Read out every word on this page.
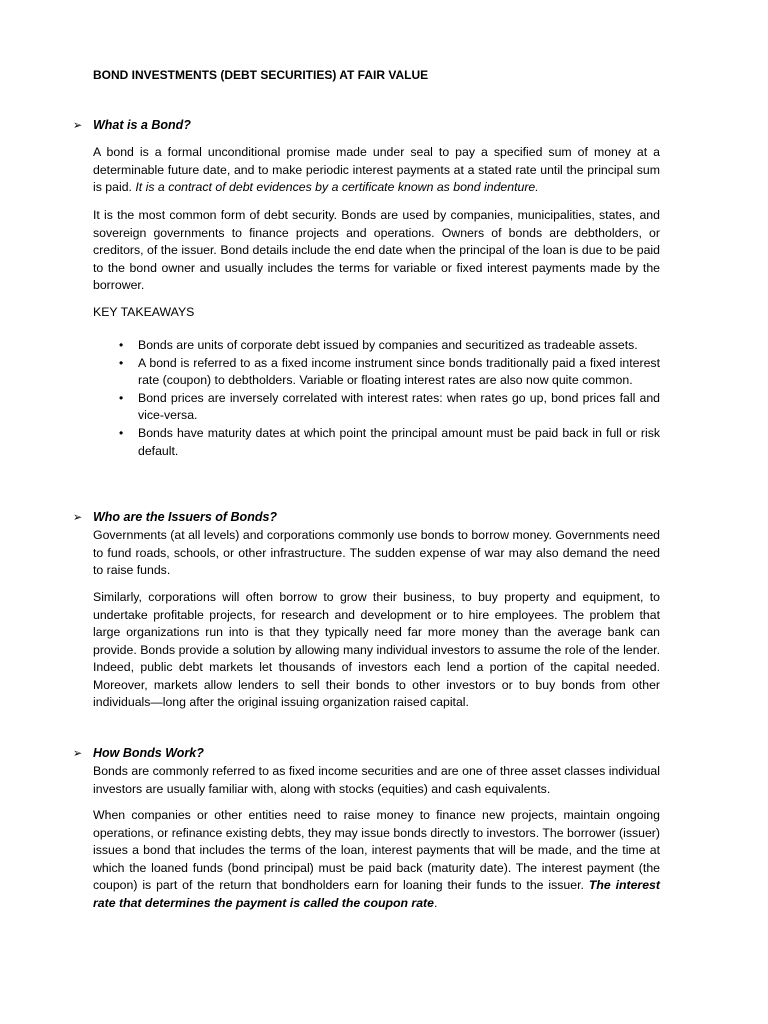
BOND INVESTMENTS (DEBT SECURITIES) AT FAIR VALUE
➢ What is a Bond?

A bond is a formal unconditional promise made under seal to pay a specified sum of money at a determinable future date, and to make periodic interest payments at a stated rate until the principal sum is paid. It is a contract of debt evidences by a certificate known as bond indenture.

It is the most common form of debt security. Bonds are used by companies, municipalities, states, and sovereign governments to finance projects and operations. Owners of bonds are debtholders, or creditors, of the issuer. Bond details include the end date when the principal of the loan is due to be paid to the bond owner and usually includes the terms for variable or fixed interest payments made by the borrower.

KEY TAKEAWAYS
• Bonds are units of corporate debt issued by companies and securitized as tradeable assets.
• A bond is referred to as a fixed income instrument since bonds traditionally paid a fixed interest rate (coupon) to debtholders. Variable or floating interest rates are also now quite common.
• Bond prices are inversely correlated with interest rates: when rates go up, bond prices fall and vice-versa.
• Bonds have maturity dates at which point the principal amount must be paid back in full or risk default.
➢ Who are the Issuers of Bonds?

Governments (at all levels) and corporations commonly use bonds to borrow money. Governments need to fund roads, schools, or other infrastructure. The sudden expense of war may also demand the need to raise funds.

Similarly, corporations will often borrow to grow their business, to buy property and equipment, to undertake profitable projects, for research and development or to hire employees. The problem that large organizations run into is that they typically need far more money than the average bank can provide. Bonds provide a solution by allowing many individual investors to assume the role of the lender. Indeed, public debt markets let thousands of investors each lend a portion of the capital needed. Moreover, markets allow lenders to sell their bonds to other investors or to buy bonds from other individuals—long after the original issuing organization raised capital.

➢ How Bonds Work?

Bonds are commonly referred to as fixed income securities and are one of three asset classes individual investors are usually familiar with, along with stocks (equities) and cash equivalents.

When companies or other entities need to raise money to finance new projects, maintain ongoing operations, or refinance existing debts, they may issue bonds directly to investors. The borrower (issuer) issues a bond that includes the terms of the loan, interest payments that will be made, and the time at which the loaned funds (bond principal) must be paid back (maturity date). The interest payment (the coupon) is part of the return that bondholders earn for loaning their funds to the issuer. The interest rate that determines the payment is called the coupon rate.
